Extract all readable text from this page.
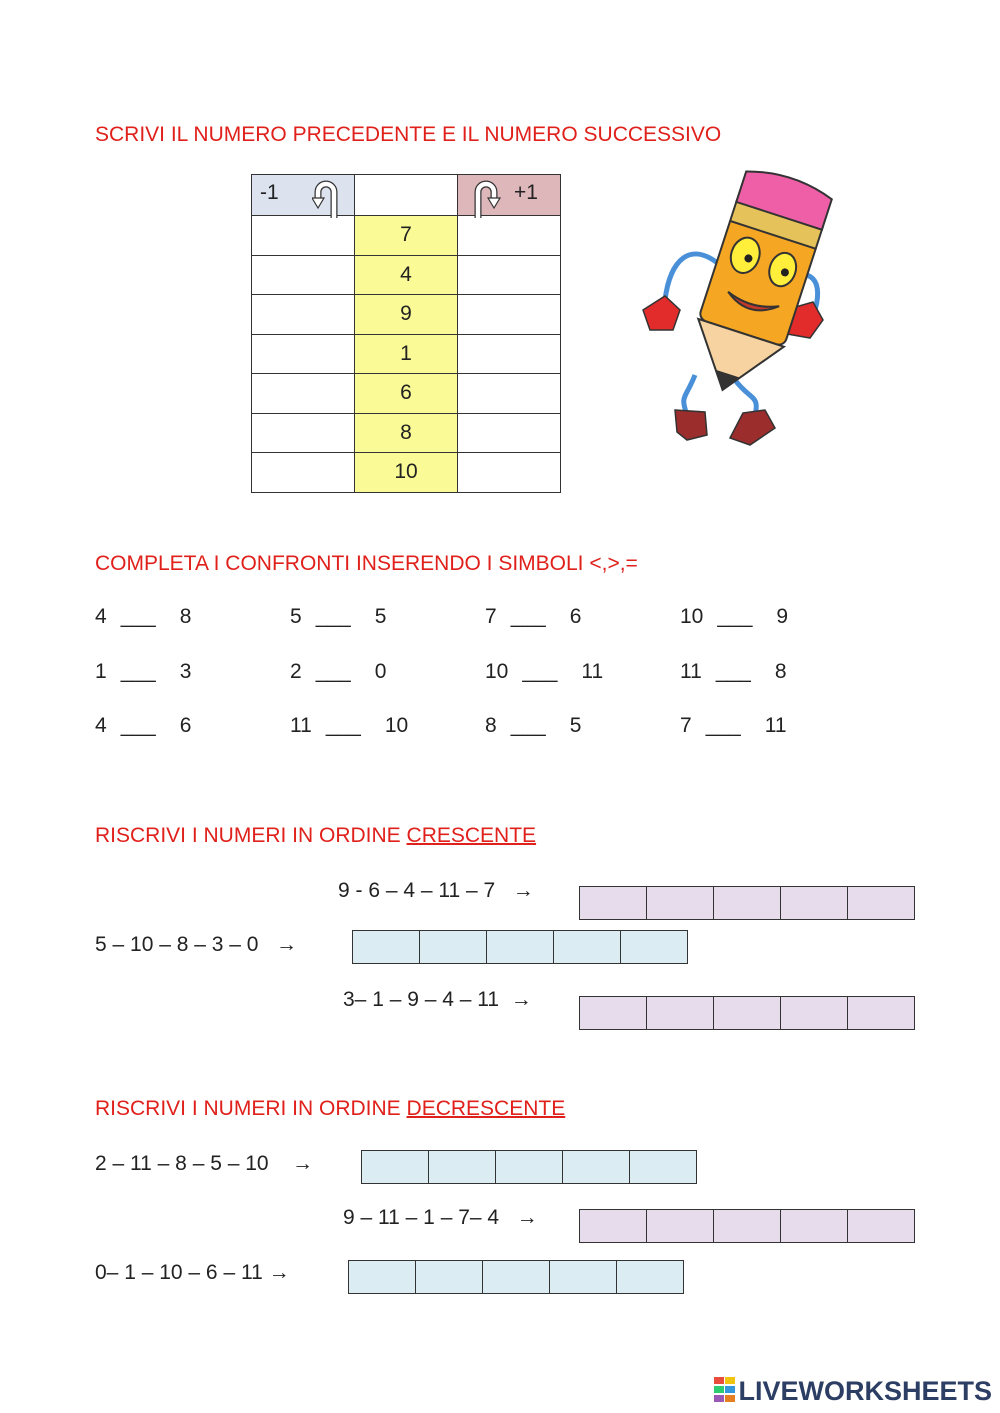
SCRIVI IL NUMERO PRECEDENTE E IL NUMERO SUCCESSIVO
-1		+1

	7	
	4	
	9	
	1	
	6	
	8	
	10	
COMPLETA I CONFRONTI INSERENDO I SIMBOLI <,>,=
4 ___ 8	5 ___ 5	7 ___ 6	10 ___ 9
1 ___ 3	2 ___ 0	10 ___ 11	11 ___ 8
4 ___ 6	11 ___ 10	8 ___ 5	7 ___ 11
RISCRIVI I NUMERI IN ORDINE CRESCENTE
9 - 6 – 4 – 11 – 7 →
5 – 10 – 8 – 3 – 0 →
3– 1 – 9 – 4 – 11 →
RISCRIVI I NUMERI IN ORDINE DECRESCENTE
2 – 11 – 8 – 5 – 10 →
9 – 11 – 1 – 7– 4 →
0– 1 – 10 – 6 – 11 →
LIVEWORKSHEETS
